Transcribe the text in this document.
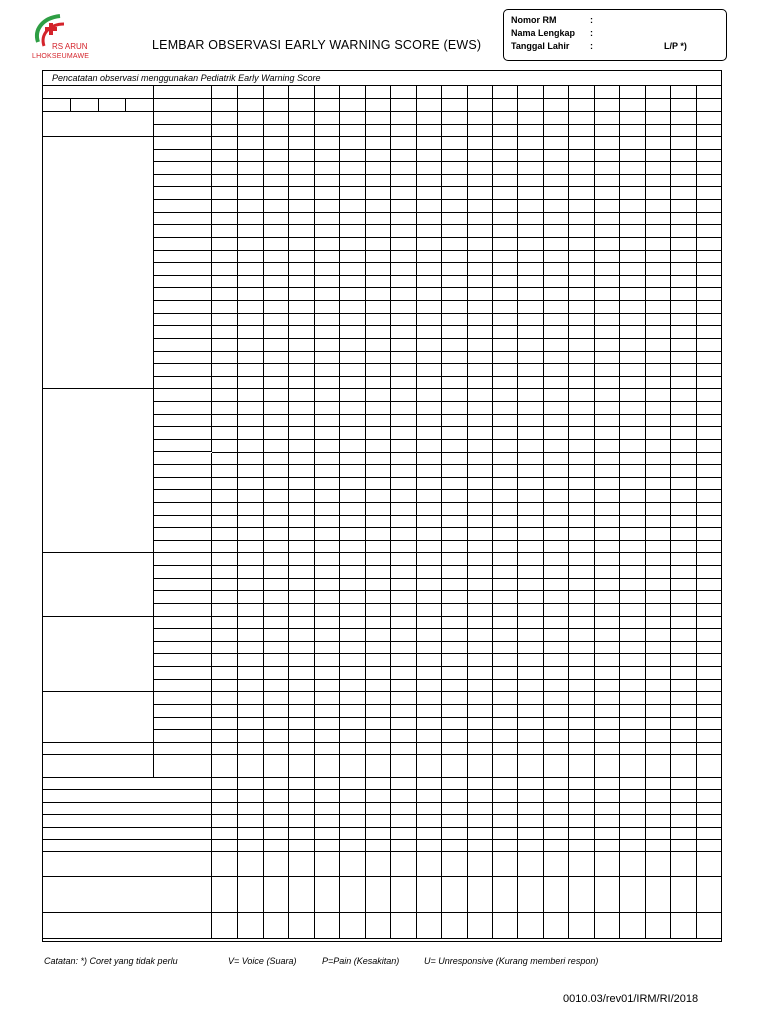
RS ARUN
LHOKSEUMAWE
LEMBAR OBSERVASI EARLY WARNING SCORE (EWS)
Nomor RM	:
Nama Lengkap :
Tanggal Lahir :	L/P *)
Pencatatan observasi menggunakan Pediatrik Early Warning Score
Catatan: *) Coret yang tidak perlu	V= Voice (Suara)	P=Pain (Kesakitan)	U= Unresponsive (Kurang memberi respon)
0010.03/rev01/IRM/RI/2018
